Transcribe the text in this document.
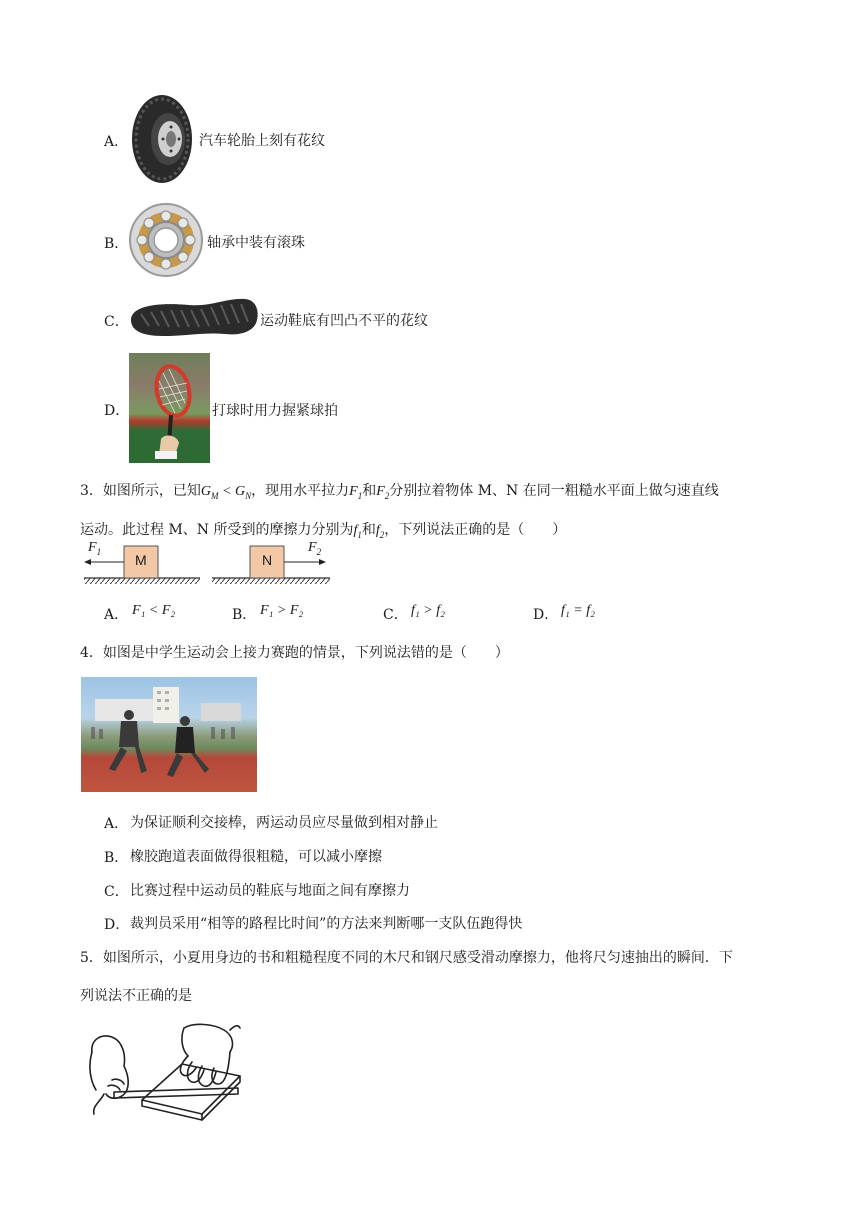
A．	汽车轮胎上刻有花纹
B．	轴承中装有滚珠
C．	运动鞋底有凹凸不平的花纹
D．	打球时用力握紧球拍
3．如图所示，已知$G_M < G_N$，现用水平拉力$F_1$和$F_2$分别拉着物体 M、N 在同一粗糙水平面上做匀速直线
运动。此过程 M、N 所受到的摩擦力分别为$f_1$和$f_2$，下列说法正确的是（　　）
M	N
$F_1$	$F_2$
A． F₁ < F₂	B． F₁ > F₂	C． f₁ > f₂	D． f₁ = f₂
4．如图是中学生运动会上接力赛跑的情景，下列说法错的是（　　）
A． 为保证顺利交接棒，两运动员应尽量做到相对静止
B． 橡胶跑道表面做得很粗糙，可以减小摩擦
C． 比赛过程中运动员的鞋底与地面之间有摩擦力
D． 裁判员采用“相等的路程比时间”的方法来判断哪一支队伍跑得快
5．如图所示，小夏用身边的书和粗糙程度不同的木尺和钢尺感受滑动摩擦力，他将尺匀速抽出的瞬间．下
列说法不正确的是
